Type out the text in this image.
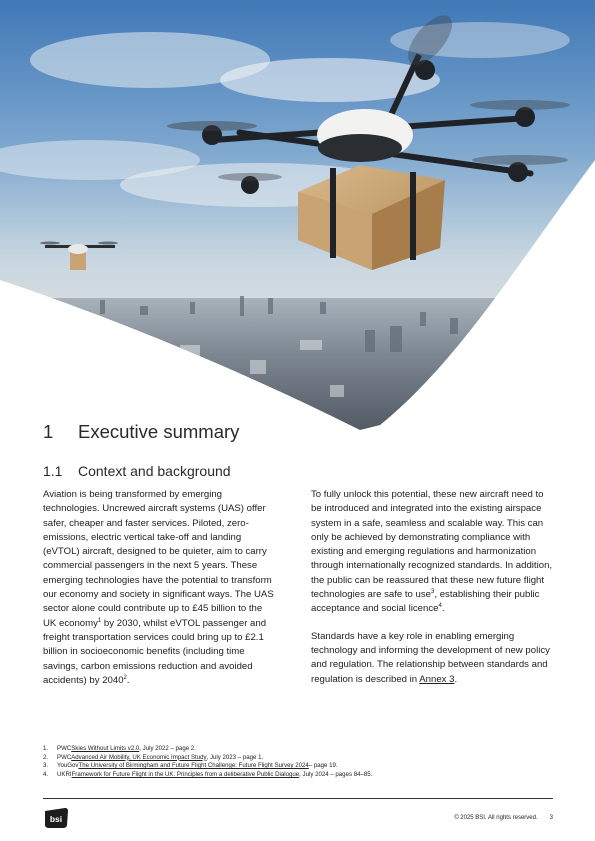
1 Executive summary
1.1 Context and background

Aviation is being transformed by emerging technologies. Uncrewed aircraft systems (UAS) offer safer, cheaper and faster services. Piloted, zero-emissions, electric vertical take-off and landing (eVTOL) aircraft, designed to be quieter, aim to carry commercial passengers in the next 5 years. These emerging technologies have the potential to transform our economy and society in significant ways. The UAS sector alone could contribute up to £45 billion to the UK economy$^1$ by 2030, whilst eVTOL passenger and freight transportation services could bring up to £2.1 billion in socioeconomic benefits (including time savings, carbon emissions reduction and avoided accidents) by 2040$^2$.

To fully unlock this potential, these new aircraft need to be introduced and integrated into the existing airspace system in a safe, seamless and scalable way. This can only be achieved by demonstrating compliance with existing and emerging regulations and harmonization through internationally recognized standards. In addition, the public can be reassured that these new future flight technologies are safe to use$^3$, establishing their public acceptance and social licence$^4$.

Standards have a key role in enabling emerging technology and informing the development of new policy and regulation. The relationship between standards and regulation is described in Annex 3.

1.	PWC Skies Without Limits v2.0 , July 2022 – page 2.
2.	PWC Advanced Air Mobility, UK Economic Impact Study , July 2023 – page 1.
3.	YouGov The University of Birmingham and Future Flight Challenge: Future Flight Survey 2024 – page 19.
4.	UKRI Framework for Future Flight in the UK: Principles from a deliberative Public Dialogue , July 2024 – pages 84–85.
bsi	© 2025 BSI. All rights reserved. 3
